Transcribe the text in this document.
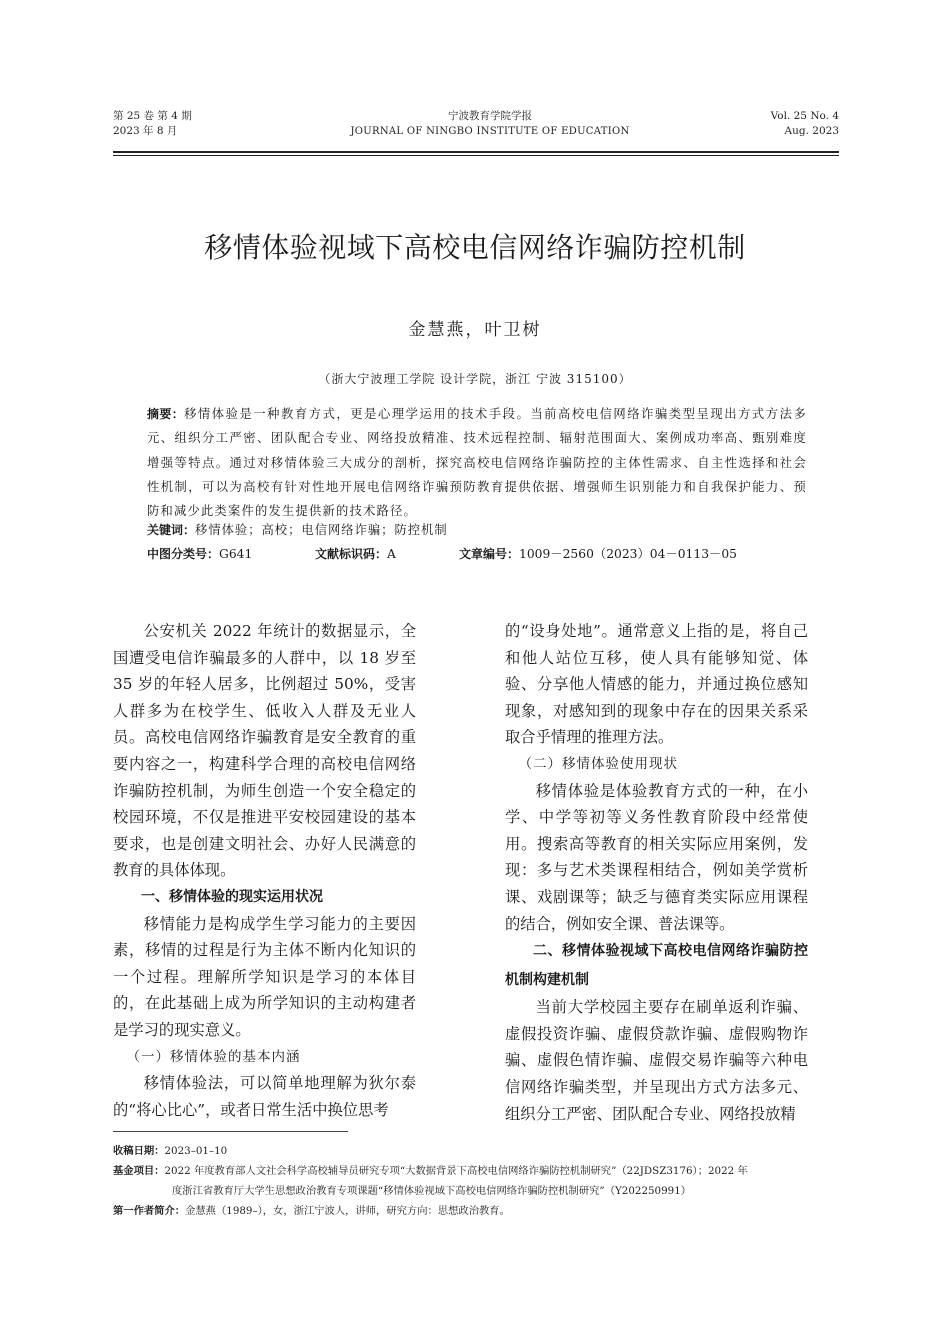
第 25 卷 第 4 期
2023 年 8 月
宁波教育学院学报
JOURNAL OF NINGBO INSTITUTE OF EDUCATION
Vol. 25 No. 4
Aug. 2023
移情体验视域下高校电信网络诈骗防控机制
金慧燕，叶卫树
（浙大宁波理工学院 设计学院，浙江 宁波 315100）
摘要：移情体验是一种教育方式，更是心理学运用的技术手段。当前高校电信网络诈骗类型呈现出方式方法多元、组织分工严密、团队配合专业、网络投放精准、技术远程控制、辐射范围面大、案例成功率高、甄别难度增强等特点。通过对移情体验三大成分的剖析，探究高校电信网络诈骗防控的主体性需求、自主性选择和社会性机制，可以为高校有针对性地开展电信网络诈骗预防教育提供依据、增强师生识别能力和自我保护能力、预防和减少此类案件的发生提供新的技术路径。
关键词：移情体验；高校；电信网络诈骗；防控机制
中图分类号：G641	文献标识码：A	文章编号：1009－2560（2023）04－0113－05

公安机关 2022 年统计的数据显示，全国遭受电信诈骗最多的人群中，以 18 岁至 35 岁的年轻人居多，比例超过 50%，受害人群多为在校学生、低收入人群及无业人员。高校电信网络诈骗教育是安全教育的重要内容之一，构建科学合理的高校电信网络诈骗防控机制，为师生创造一个安全稳定的校园环境，不仅是推进平安校园建设的基本要求，也是创建文明社会、办好人民满意的教育的具体体现。

一、移情体验的现实运用状况

移情能力是构成学生学习能力的主要因素，移情的过程是行为主体不断内化知识的一个过程。理解所学知识是学习的本体目的，在此基础上成为所学知识的主动构建者是学习的现实意义。

（一）移情体验的基本内涵

移情体验法，可以简单地理解为狄尔泰的“将心比心”，或者日常生活中换位思考

的“设身处地”。通常意义上指的是，将自己和他人站位互移，使人具有能够知觉、体验、分享他人情感的能力，并通过换位感知现象，对感知到的现象中存在的因果关系采取合乎情理的推理方法。

（二）移情体验使用现状

移情体验是体验教育方式的一种，在小学、中学等初等义务性教育阶段中经常使用。搜索高等教育的相关实际应用案例，发现：多与艺术类课程相结合，例如美学赏析课、戏剧课等；缺乏与德育类实际应用课程的结合，例如安全课、普法课等。

二、移情体验视域下高校电信网络诈骗防控机制构建机制

当前大学校园主要存在刷单返利诈骗、虚假投资诈骗、虚假贷款诈骗、虚假购物诈骗、虚假色情诈骗、虚假交易诈骗等六种电信网络诈骗类型，并呈现出方式方法多元、组织分工严密、团队配合专业、网络投放精

收稿日期：2023–01–10
基金项目：2022 年度教育部人文社会科学高校辅导员研究专项“大数据背景下高校电信网络诈骗防控机制研究”（22JDSZ3176）；2022 年
度浙江省教育厅大学生思想政治教育专项课题“移情体验视域下高校电信网络诈骗防控机制研究”（Y202250991）
第一作者简介：金慧燕（1989–），女，浙江宁波人，讲师，研究方向：思想政治教育。
